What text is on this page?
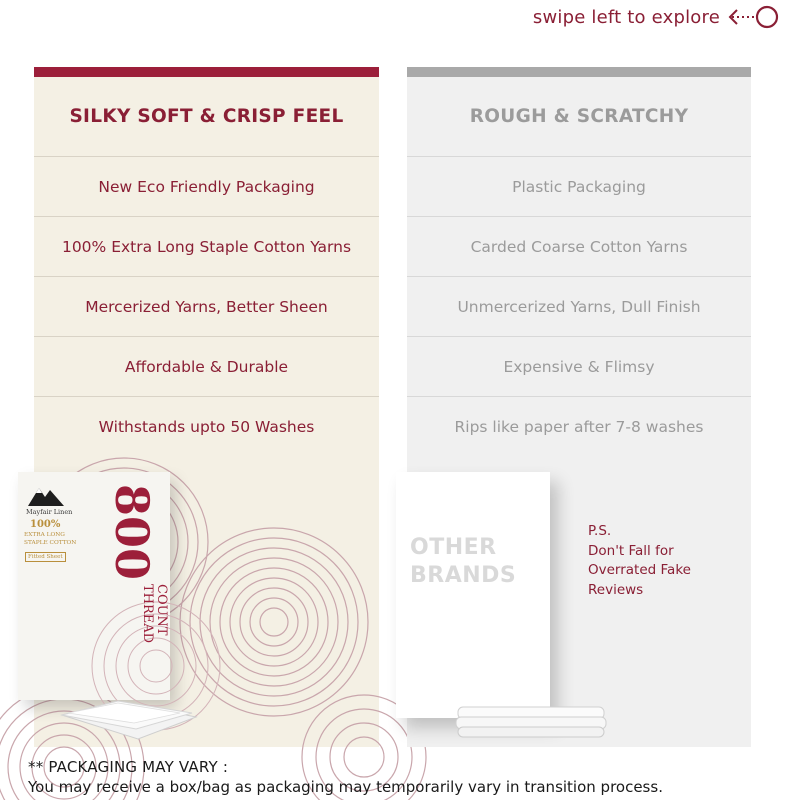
swipe left to explore
SILKY SOFT & CRISP FEEL
New Eco Friendly Packaging
100% Extra Long Staple Cotton Yarns
Mercerized Yarns, Better Sheen
Affordable & Durable
Withstands upto 50 Washes
ROUGH & SCRATCHY
Plastic Packaging
Carded Coarse Cotton Yarns
Unmercerized Yarns, Dull Finish
Expensive & Flimsy
Rips like paper after 7-8 washes
Mayfair Linen
100%
EXTRA LONG STAPLE COTTON
Fitted Sheet 800
THREAD COUNT
OTHER
BRANDS
P.S.
Don't Fall for
Overrated Fake
Reviews
** PACKAGING MAY VARY :
You may receive a box/bag as packaging may temporarily vary in transition process.
